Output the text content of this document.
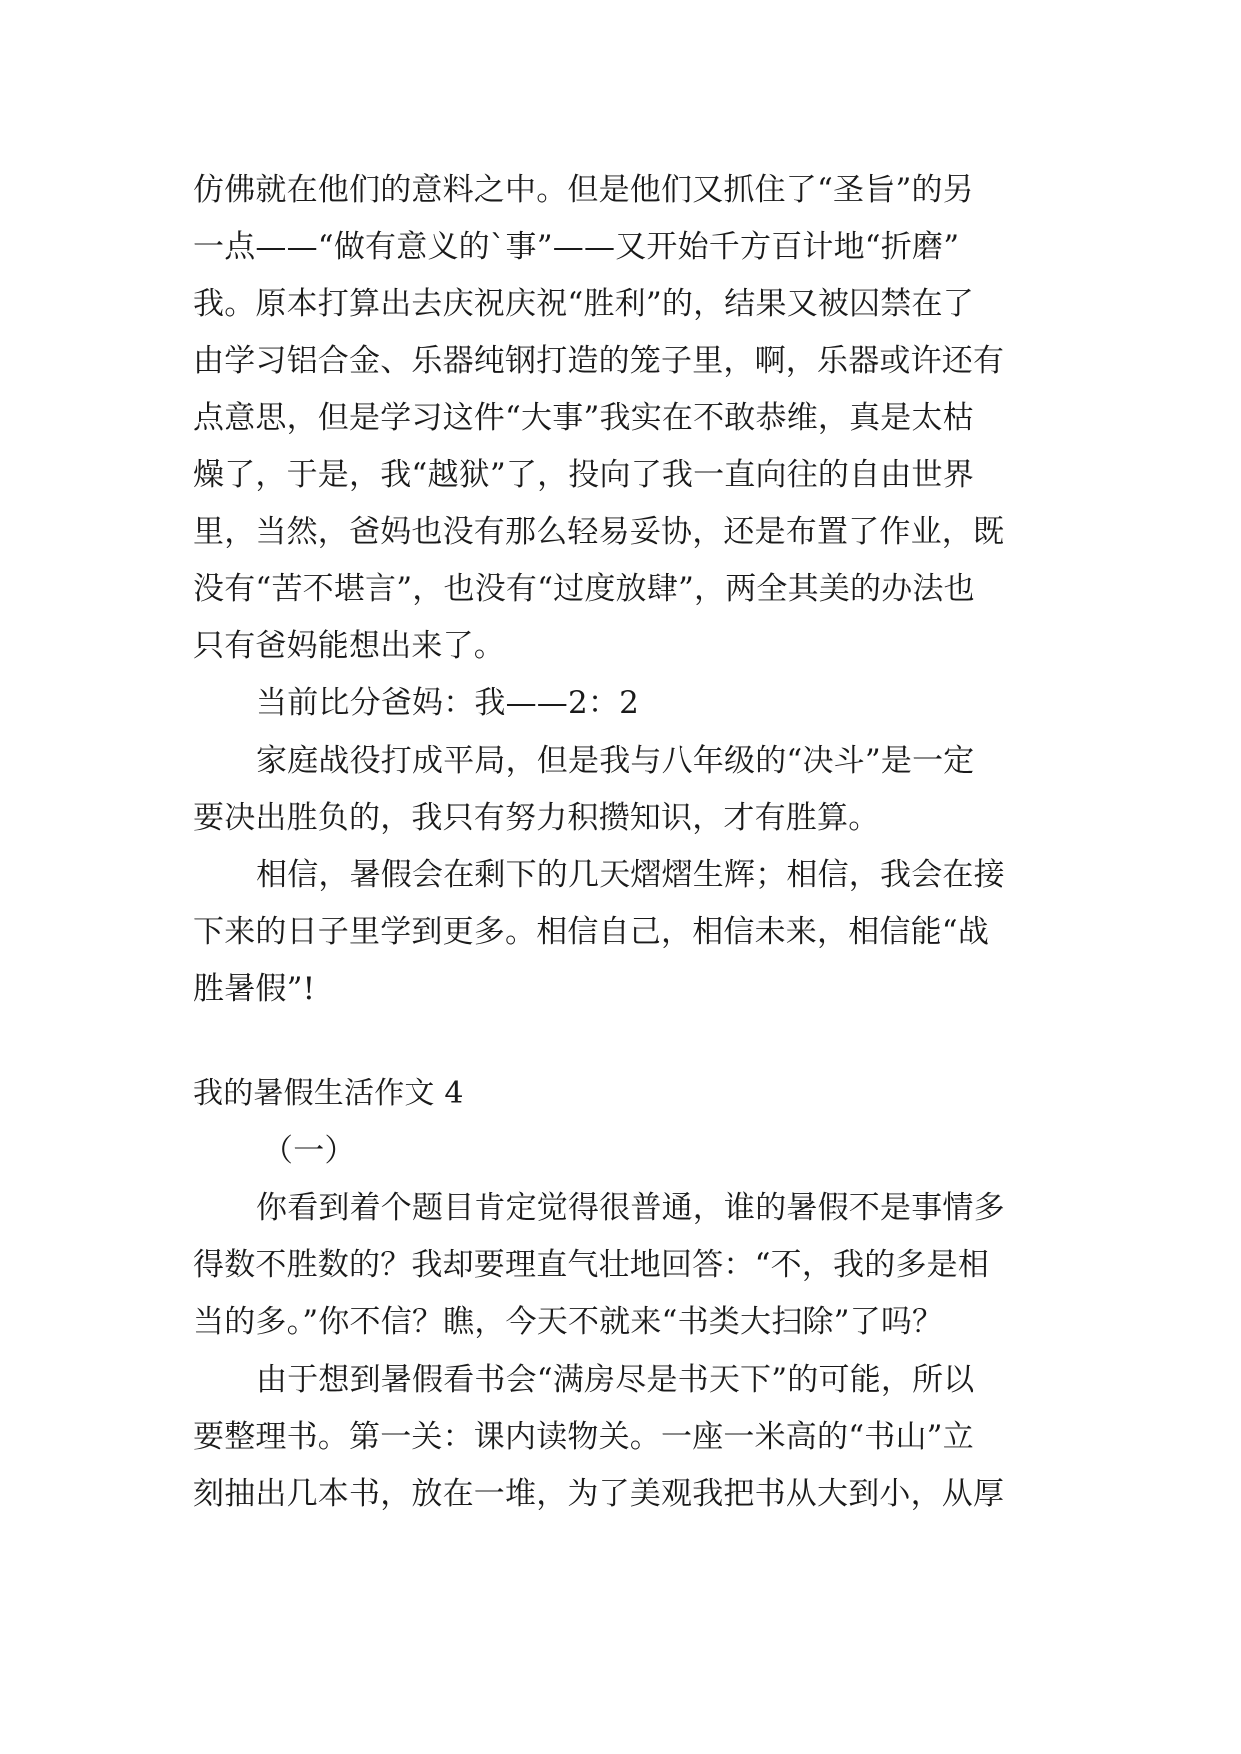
仿佛就在他们的意料之中。但是他们又抓住了“圣旨”的另
一点——“做有意义的`事”——又开始千方百计地“折磨”
我。原本打算出去庆祝庆祝“胜利”的，结果又被囚禁在了
由学习铝合金、乐器纯钢打造的笼子里，啊，乐器或许还有
点意思，但是学习这件“大事”我实在不敢恭维，真是太枯
燥了，于是，我“越狱”了，投向了我一直向往的自由世界
里，当然，爸妈也没有那么轻易妥协，还是布置了作业，既
没有“苦不堪言”，也没有“过度放肆”，两全其美的办法也
只有爸妈能想出来了。
当前比分爸妈：我——2：2
家庭战役打成平局，但是我与八年级的“决斗”是一定
要决出胜负的，我只有努力积攒知识，才有胜算。
相信，暑假会在剩下的几天熠熠生辉；相信，我会在接
下来的日子里学到更多。相信自己，相信未来，相信能“战
胜暑假”!
我的暑假生活作文 4
（一）
你看到着个题目肯定觉得很普通，谁的暑假不是事情多
得数不胜数的？我却要理直气壮地回答：“不，我的多是相
当的多。”你不信？瞧，今天不就来“书类大扫除”了吗？
由于想到暑假看书会“满房尽是书天下”的可能，所以
要整理书。第一关：课内读物关。一座一米高的“书山”立
刻抽出几本书，放在一堆，为了美观我把书从大到小，从厚
